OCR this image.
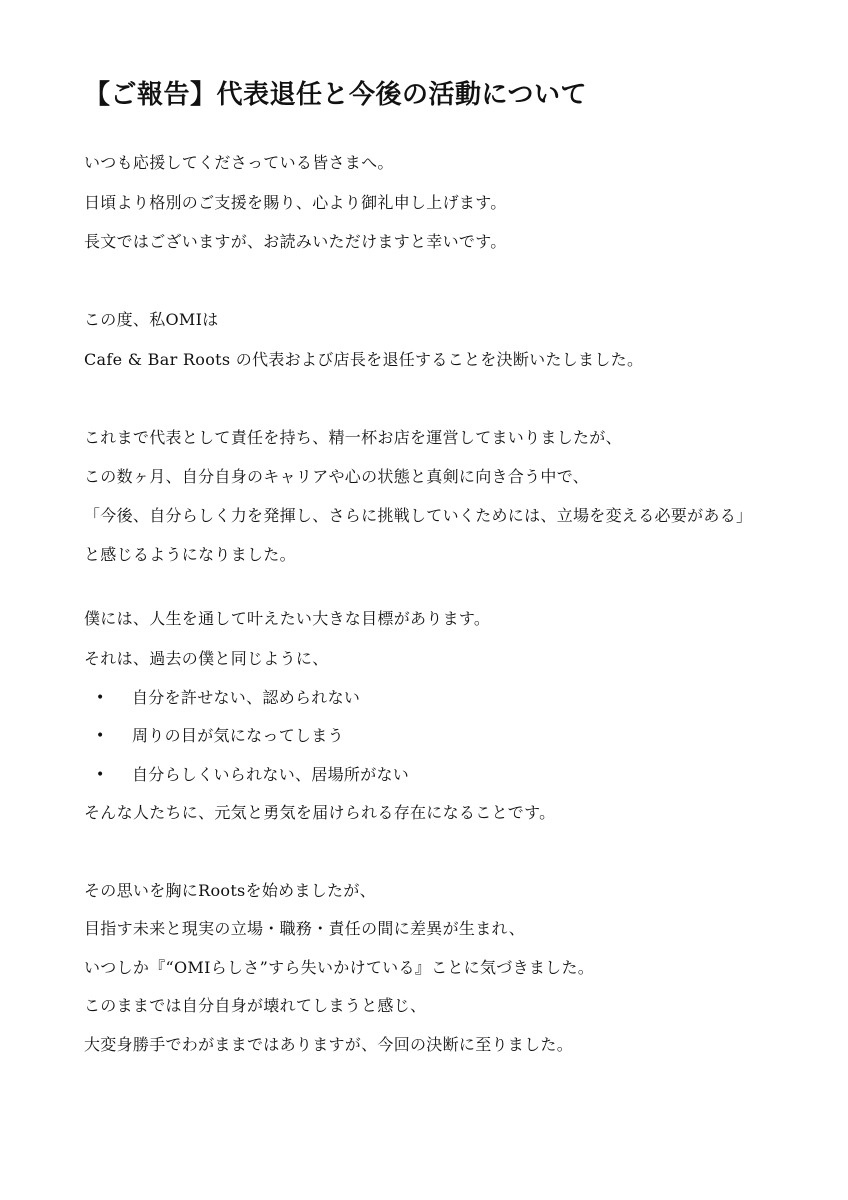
【ご報告】代表退任と今後の活動について
いつも応援してくださっている皆さまへ。
日頃より格別のご支援を賜り、心より御礼申し上げます。
長文ではございますが、お読みいただけますと幸いです。
この度、私OMIは
Cafe & Bar Roots の代表および店長を退任することを決断いたしました。
これまで代表として責任を持ち、精一杯お店を運営してまいりましたが、
この数ヶ月、自分自身のキャリアや心の状態と真剣に向き合う中で、
「今後、自分らしく力を発揮し、さらに挑戦していくためには、立場を変える必要がある」
と感じるようになりました。
僕には、人生を通して叶えたい大きな目標があります。
それは、過去の僕と同じように、
• 自分を許せない、認められない
• 周りの目が気になってしまう
• 自分らしくいられない、居場所がない
そんな人たちに、元気と勇気を届けられる存在になることです。
その思いを胸にRootsを始めましたが、
目指す未来と現実の立場・職務・責任の間に差異が生まれ、
いつしか『“OMIらしさ”すら失いかけている』ことに気づきました。
このままでは自分自身が壊れてしまうと感じ、
大変身勝手でわがままではありますが、今回の決断に至りました。
